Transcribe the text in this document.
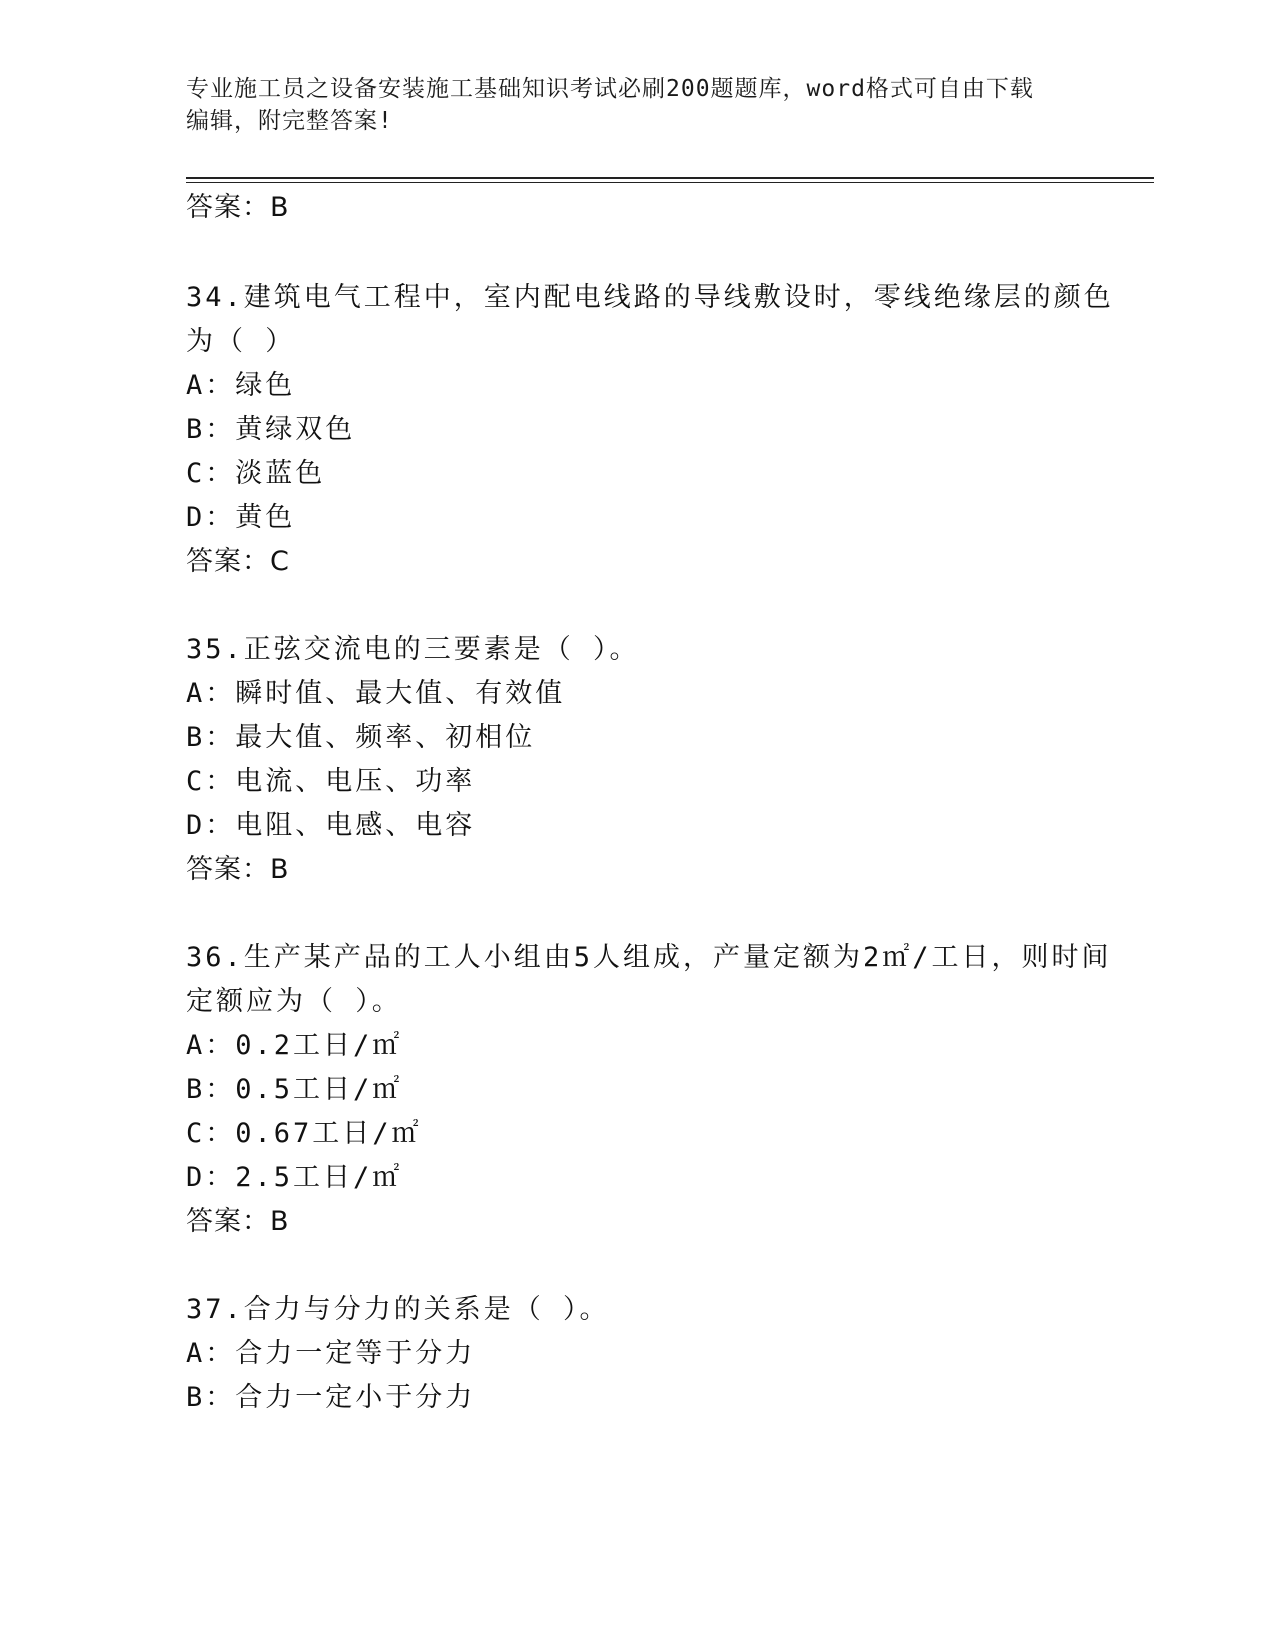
专业施工员之设备安装施工基础知识考试必刷200题题库，word格式可自由下载
编辑，附完整答案!
答案：B
34.建筑电气工程中，室内配电线路的导线敷设时，零线绝缘层的颜色
为（ ）
A：绿色
B：黄绿双色
C：淡蓝色
D：黄色
答案：C
35.正弦交流电的三要素是（ ）。
A：瞬时值、最大值、有效值
B：最大值、频率、初相位
C：电流、电压、功率
D：电阻、电感、电容
答案：B
36.生产某产品的工人小组由5人组成，产量定额为2㎡/工日，则时间
定额应为（ ）。
A：0.2工日/㎡
B：0.5工日/㎡
C：0.67工日/㎡
D：2.5工日/㎡
答案：B
37.合力与分力的关系是（ ）。
A：合力一定等于分力
B：合力一定小于分力
